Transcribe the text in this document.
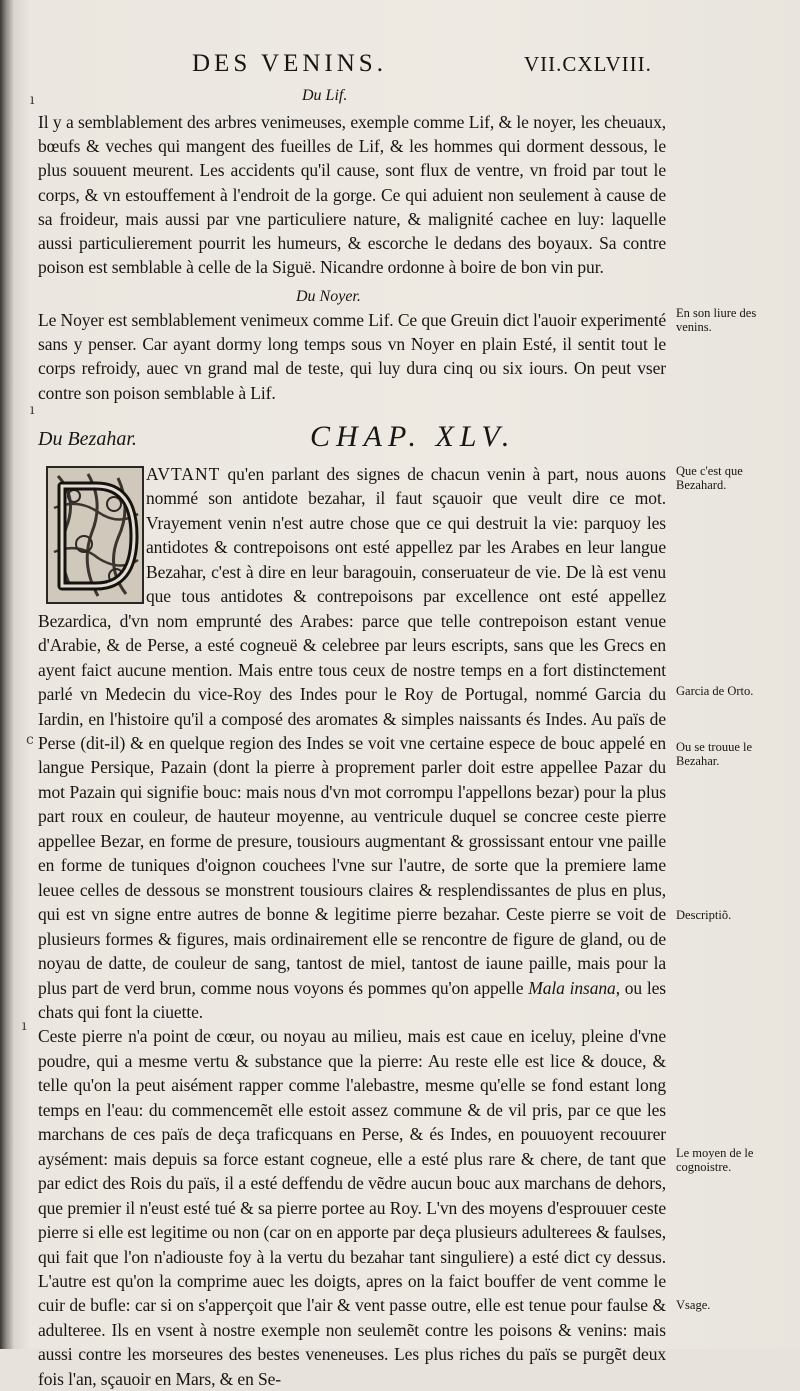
DES VENINS.	VII.CXLVIII.
ı
ı
c
ı
Du Lif.
Il y a semblablement des arbres venimeuses, exemple comme Lif, & le noyer, les cheuaux, bœufs & veches qui mangent des fueilles de Lif, & les hommes qui dorment dessous, le plus souuent meurent. Les accidents qu'il cause, sont flux de ventre, vn froid par tout le corps, & vn estouffement à l'endroit de la gorge. Ce qui aduient non seulement à cause de sa froideur, mais aussi par vne particuliere nature, & malignité cachee en luy: laquelle aussi particulierement pourrit les humeurs, & escorche le dedans des boyaux. Sa contre poison est semblable à celle de la Siguë. Nicandre ordonne à boire de bon vin pur.
Du Noyer.
Le Noyer est semblablement venimeux comme Lif. Ce que Greuin dict l'auoir experimenté sans y penser. Car ayant dormy long temps sous vn Noyer en plain Esté, il sentit tout le corps refroidy, auec vn grand mal de teste, qui luy dura cinq ou six iours. On peut vser contre son poison semblable à Lif.
Du Bezahar.	CHAP. XLV.
AVTANT qu'en parlant des signes de chacun venin à part, nous auons nommé son antidote bezahar, il faut sçauoir que veult dire ce mot. Vrayement venin n'est autre chose que ce qui destruit la vie: parquoy les antidotes & contrepoisons ont esté appellez par les Arabes en leur langue Bezahar, c'est à dire en leur baragouin, conseruateur de vie. De là est venu que tous antidotes & contrepoisons par excellence ont esté appellez Bezardica, d'vn nom emprunté des Arabes: parce que telle contrepoison estant venue d'Arabie, & de Perse, a esté cogneuë & celebree par leurs escripts, sans que les Grecs en ayent faict aucune mention. Mais entre tous ceux de nostre temps en a fort distinctement parlé vn Medecin du vice-Roy des Indes pour le Roy de Portugal, nommé Garcia du Iardin, en l'histoire qu'il a composé des aromates & simples naissants és Indes. Au païs de Perse (dit-il) & en quelque region des Indes se voit vne certaine espece de bouc appelé en langue Persique, Pazain (dont la pierre à proprement parler doit estre appellee Pazar du mot Pazain qui signifie bouc: mais nous d'vn mot corrompu l'appellons bezar) pour la plus part roux en couleur, de hauteur moyenne, au ventricule duquel se concree ceste pierre appellee Bezar, en forme de presure, tousiours augmentant & grossissant entour vne paille en forme de tuniques d'oignon couchees l'vne sur l'autre, de sorte que la premiere lame leuee celles de dessous se monstrent tousiours claires & resplendissantes de plus en plus, qui est vn signe entre autres de bonne & legitime pierre bezahar. Ceste pierre se voit de plusieurs formes & figures, mais ordinairement elle se rencontre de figure de gland, ou de noyau de datte, de couleur de sang, tantost de miel, tantost de iaune paille, mais pour la plus part de verd brun, comme nous voyons és pommes qu'on appelle Mala insana, ou les chats qui font la ciuette.
Ceste pierre n'a point de cœur, ou noyau au milieu, mais est caue en iceluy, pleine d'vne poudre, qui a mesme vertu & substance que la pierre: Au reste elle est lice & douce, & telle qu'on la peut aisément rapper comme l'alebastre, mesme qu'elle se fond estant long temps en l'eau: du commencemẽt elle estoit assez commune & de vil pris, par ce que les marchans de ces païs de deça traficquans en Perse, & és Indes, en pouuoyent recouurer aysément: mais depuis sa force estant cogneue, elle a esté plus rare & chere, de tant que par edict des Rois du païs, il a esté deffendu de vẽdre aucun bouc aux marchans de dehors, que premier il n'eust esté tué & sa pierre portee au Roy. L'vn des moyens d'esprouuer ceste pierre si elle est legitime ou non (car on en apporte par deça plusieurs adulterees & faulses, qui fait que l'on n'adiouste foy à la vertu du bezahar tant singuliere) a esté dict cy dessus. L'autre est qu'on la comprime auec les doigts, apres on la faict bouffer de vent comme le cuir de bufle: car si on s'apperçoit que l'air & vent passe outre, elle est tenue pour faulse & adulteree. Ils en vsent à nostre exemple non seulemẽt contre les poisons & venins: mais aussi contre les morseures des bestes veneneuses. Les plus riches du païs se purgẽt deux fois l'an, sçauoir en Mars, & en Se-
En son liure des venins.
Que c'est que Bezahard.
Garcia de Orto.
Ou se trouue le Bezahar.
Descriptiõ.
Le moyen de le cognoistre.
Vsage.
